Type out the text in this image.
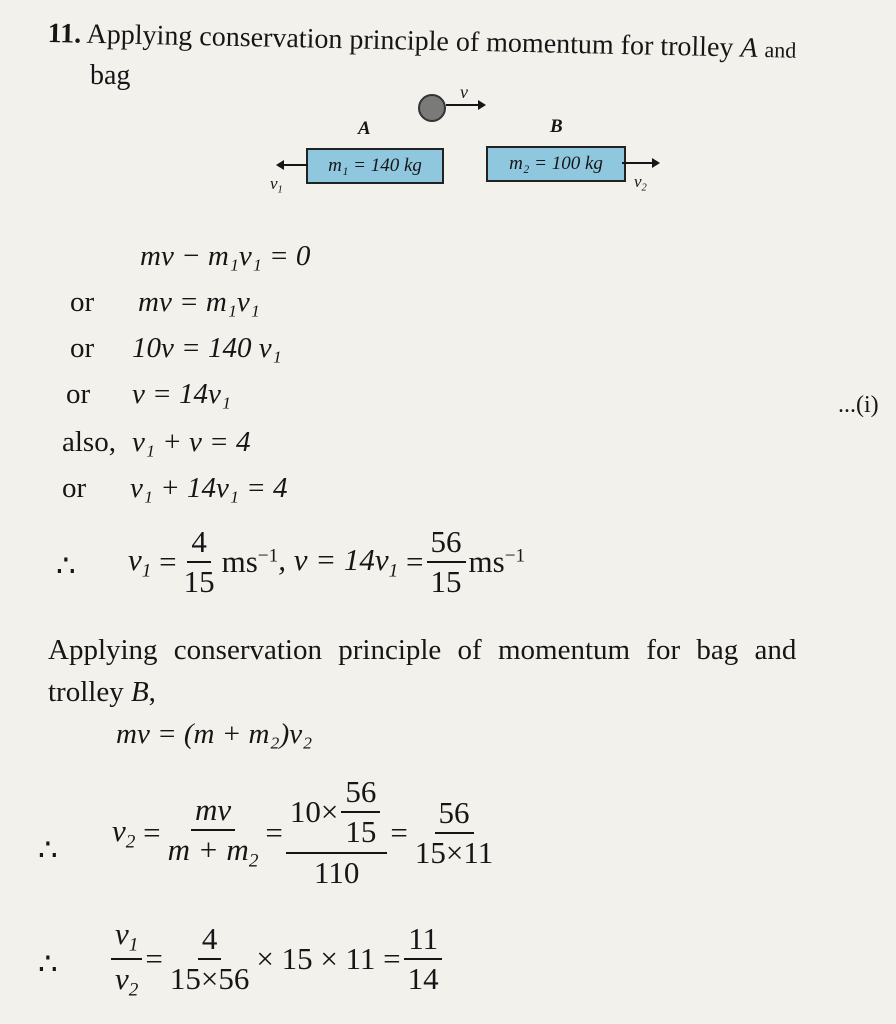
11. Applying conservation principle of momentum for trolley A and
bag
v
A	B
m₁ = 140 kg	m₂ = 100 kg
$v_1$	$v_2$
mv − m₁v₁ = 0
or mv = m₁v₁
or 10v = 140 v₁
or v = 14v₁	...(i)
also, v₁ + v = 4
or v₁ + 14v₁ = 4
∴ $v_1 = \frac{4}{15} ms^{-1}$ , $v = 14v_1 = \frac{56}{15} ms^{-1}$
Applying conservation principle of momentum for bag and
trolley B,
mv = (m + m₂)v₂
∴
$v_2 = \frac{mv}{m + m_2} = \frac{10\times \frac{56}{15}}{110} = \frac{56}{15\times 11}$
∴ $\frac{v_1}{v_2} = \frac{4}{15\times 56} \times 15 \times 11 = \frac{11}{14}$
